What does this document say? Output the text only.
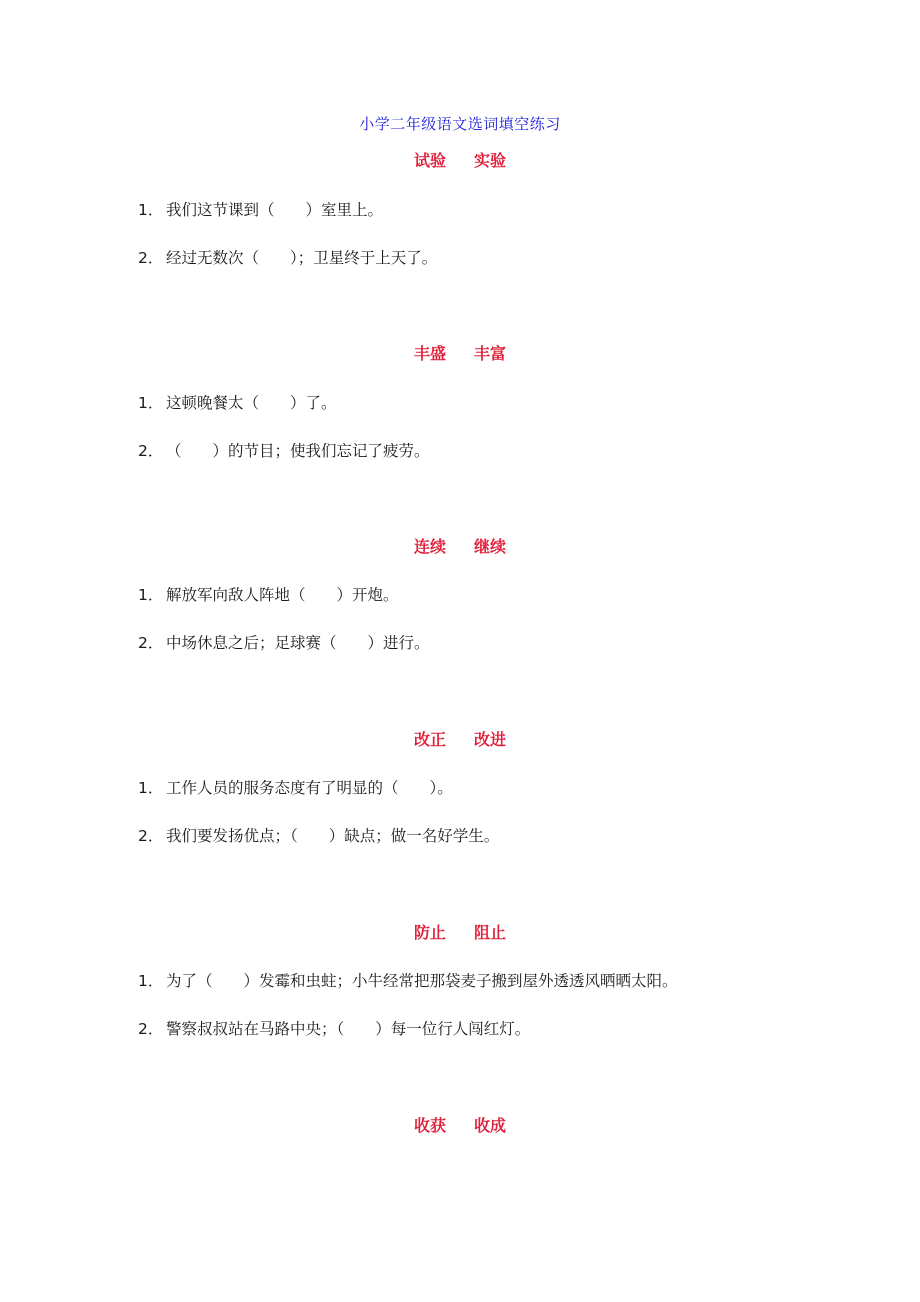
小学二年级语文选词填空练习
试验 实验
1． 我们这节课到（　　）室里上。
2． 经过无数次（　　）；卫星终于上天了。
丰盛 丰富
1． 这顿晚餐太（　　）了。
2． （　　）的节目；使我们忘记了疲劳。
连续 继续
1． 解放军向敌人阵地（　　）开炮。
2． 中场休息之后；足球赛（　　）进行。
改正 改进
1． 工作人员的服务态度有了明显的（　　）。
2． 我们要发扬优点；（　　）缺点；做一名好学生。
防止 阻止
1． 为了（　　）发霉和虫蛀；小牛经常把那袋麦子搬到屋外透透风晒晒太阳。
2． 警察叔叔站在马路中央；（　　）每一位行人闯红灯。
收获 收成
